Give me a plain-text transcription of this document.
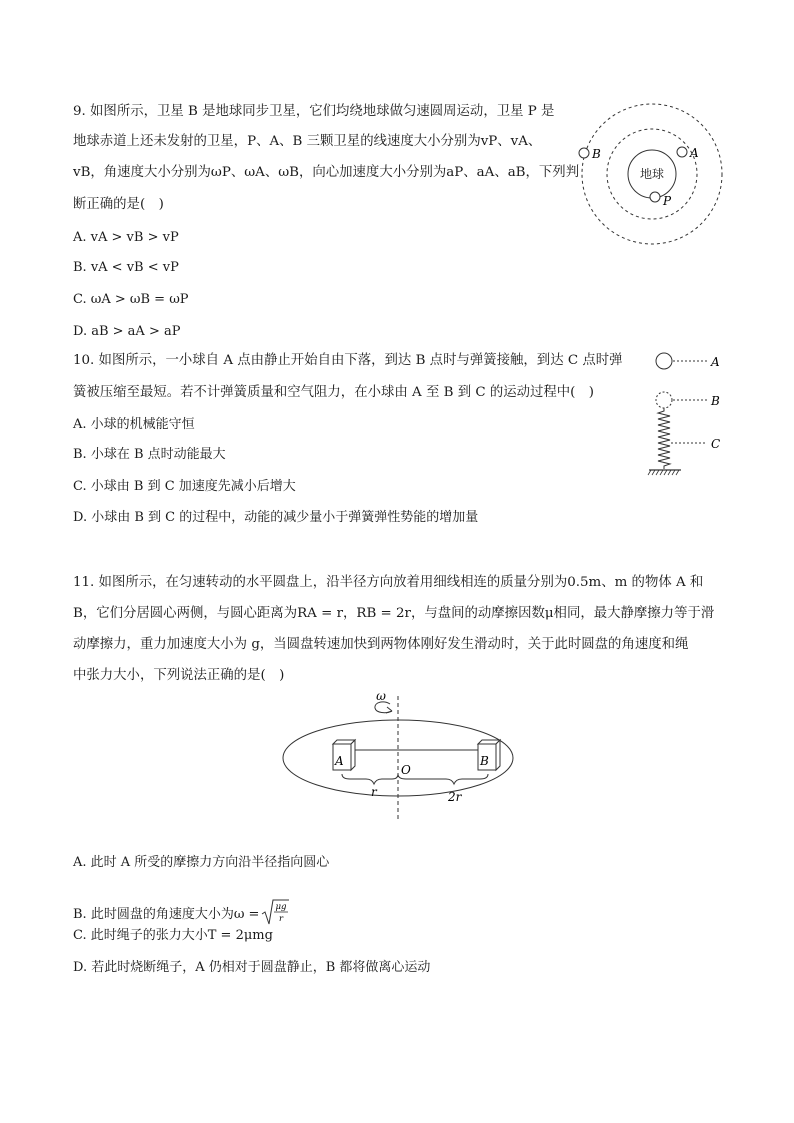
9. 如图所示，卫星 B 是地球同步卫星，它们均绕地球做匀速圆周运动，卫星 P 是
地球赤道上还未发射的卫星，P、A、B 三颗卫星的线速度大小分别为vP、vA、
vB，角速度大小分别为ωP、ωA、ωB，向心加速度大小分别为aP、aA、aB，下列判
断正确的是(　)
A. vA > vB > vP
B. vA < vB < vP
C. ωA > ωB = ωP
D. aB > aA > aP
地球
B	A
P
10. 如图所示，一小球自 A 点由静止开始自由下落，到达 B 点时与弹簧接触，到达 C 点时弹
簧被压缩至最短。若不计弹簧质量和空气阻力，在小球由 A 至 B 到 C 的运动过程中(　)
A. 小球的机械能守恒
B. 小球在 B 点时动能最大
C. 小球由 B 到 C 加速度先减小后增大
D. 小球由 B 到 C 的过程中，动能的减少量小于弹簧弹性势能的增加量
A
B
C
11. 如图所示，在匀速转动的水平圆盘上，沿半径方向放着用细线相连的质量分别为0.5m、m 的物体 A 和
B，它们分居圆心两侧，与圆心距离为RA = r，RB = 2r，与盘间的动摩擦因数μ相同，最大静摩擦力等于滑
动摩擦力，重力加速度大小为 g，当圆盘转速加快到两物体刚好发生滑动时，关于此时圆盘的角速度和绳
中张力大小，下列说法正确的是(　)
ω
A	B
O
r	2r
A. 此时 A 所受的摩擦力方向沿半径指向圆心
B. 此时圆盘的角速度大小为ω = μg
r
C. 此时绳子的张力大小T = 2μmg
D. 若此时烧断绳子，A 仍相对于圆盘静止，B 都将做离心运动
